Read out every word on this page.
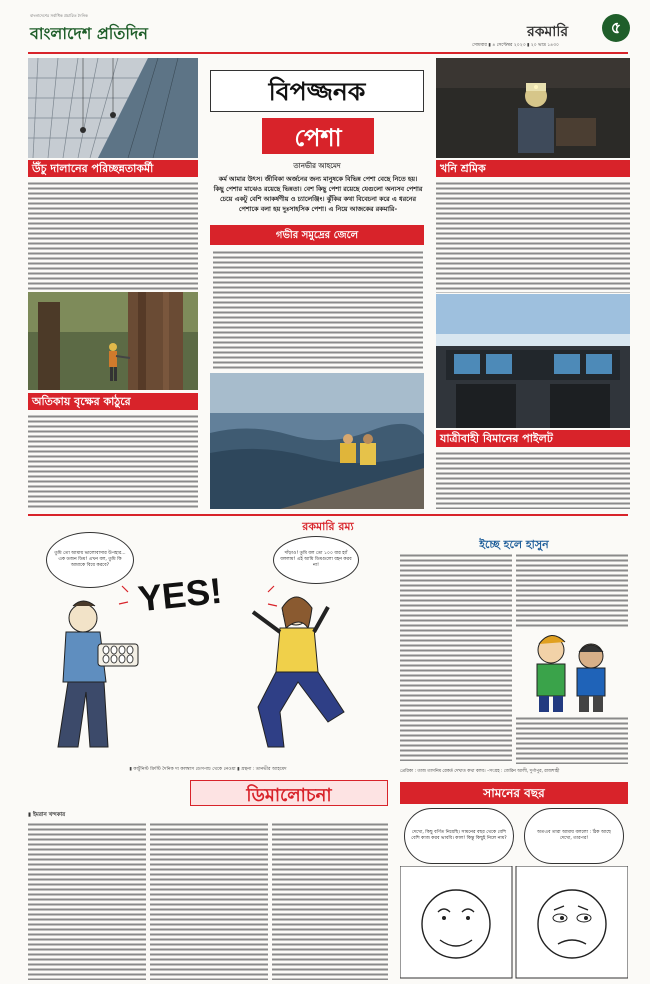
বাংলাদেশের সর্বাধিক প্রচারিত দৈনিক
বাংলাদেশ প্রতিদিন	রকমারি
সোমবার ▮ ৪ সেপ্টেম্বর ২০২৩ ▮ ২০ ভাদ্র ১৪৩০
৫
উঁচু দালানের পরিচ্ছন্নতাকর্মী
অতিকায় বৃক্ষের কাঠুরে
বিপজ্জনক
পেশা
তানভীর আহমেদ
কর্ম আমার উৎস। জীবিকা অর্জনের জন্য মানুষকে বিভিন্ন পেশা বেছে নিতে হয়। কিছু পেশার মাঝেও রয়েছে ভিন্নতা। বেশ কিছু পেশা রয়েছে যেগুলো অন্যসব পেশার চেয়ে একটু বেশি আকর্ষণীয় ও চ্যালেঞ্জিং। ঝুঁকির কথা বিবেচনা করে এ ধরনের পেশাকে বলা হয় দুঃসাহসিক পেশা। এ নিয়ে আজকের রকমারি-
গভীর সমুদ্রের জেলে
খনি শ্রমিক
যাত্রীবাহী বিমানের পাইলট
রকমারি রম্য
তুমি তো আমায় ভালোবাসার উপহার... এক ডজন ডিম! এখন বল, তুমি কি আমাকে বিয়ে করবে?
দাঁড়াও! তুমি বল তো ১০০ বার হ্যাঁ বললাম! এই আমি ডিমগুলো বহন করব না!
YES!
▮ কার্টুনিস্ট ক্রিস্টি দৈনিক দ্য কলম্বাস ডেসপাচ থেকে নেওয়া ▮ গ্রন্থনা : তানভীর আহমেদ
ইচ্ছে হলে হাসুন
প্রেরিকা : তাজ তাসনিম রেকর্ড দেখাত কথা বলব। –সংগ্রহ : জেরিন আলী, দুর্গাপুর, রাজশাহী
ডিমালোচনা
▮ ইমরান খন্দকার
সামনের বছর
দেখো, কিছু বর্ণিত নিয়েছি। সামনের বছর থেকে বেশি বেশি কাজ করব ভাববি। কাল! কিন্তু কিছুই নিলে নাম?
অতএব তারা আমায় বললো : ঠিক আছে দেখো, তারপর!
